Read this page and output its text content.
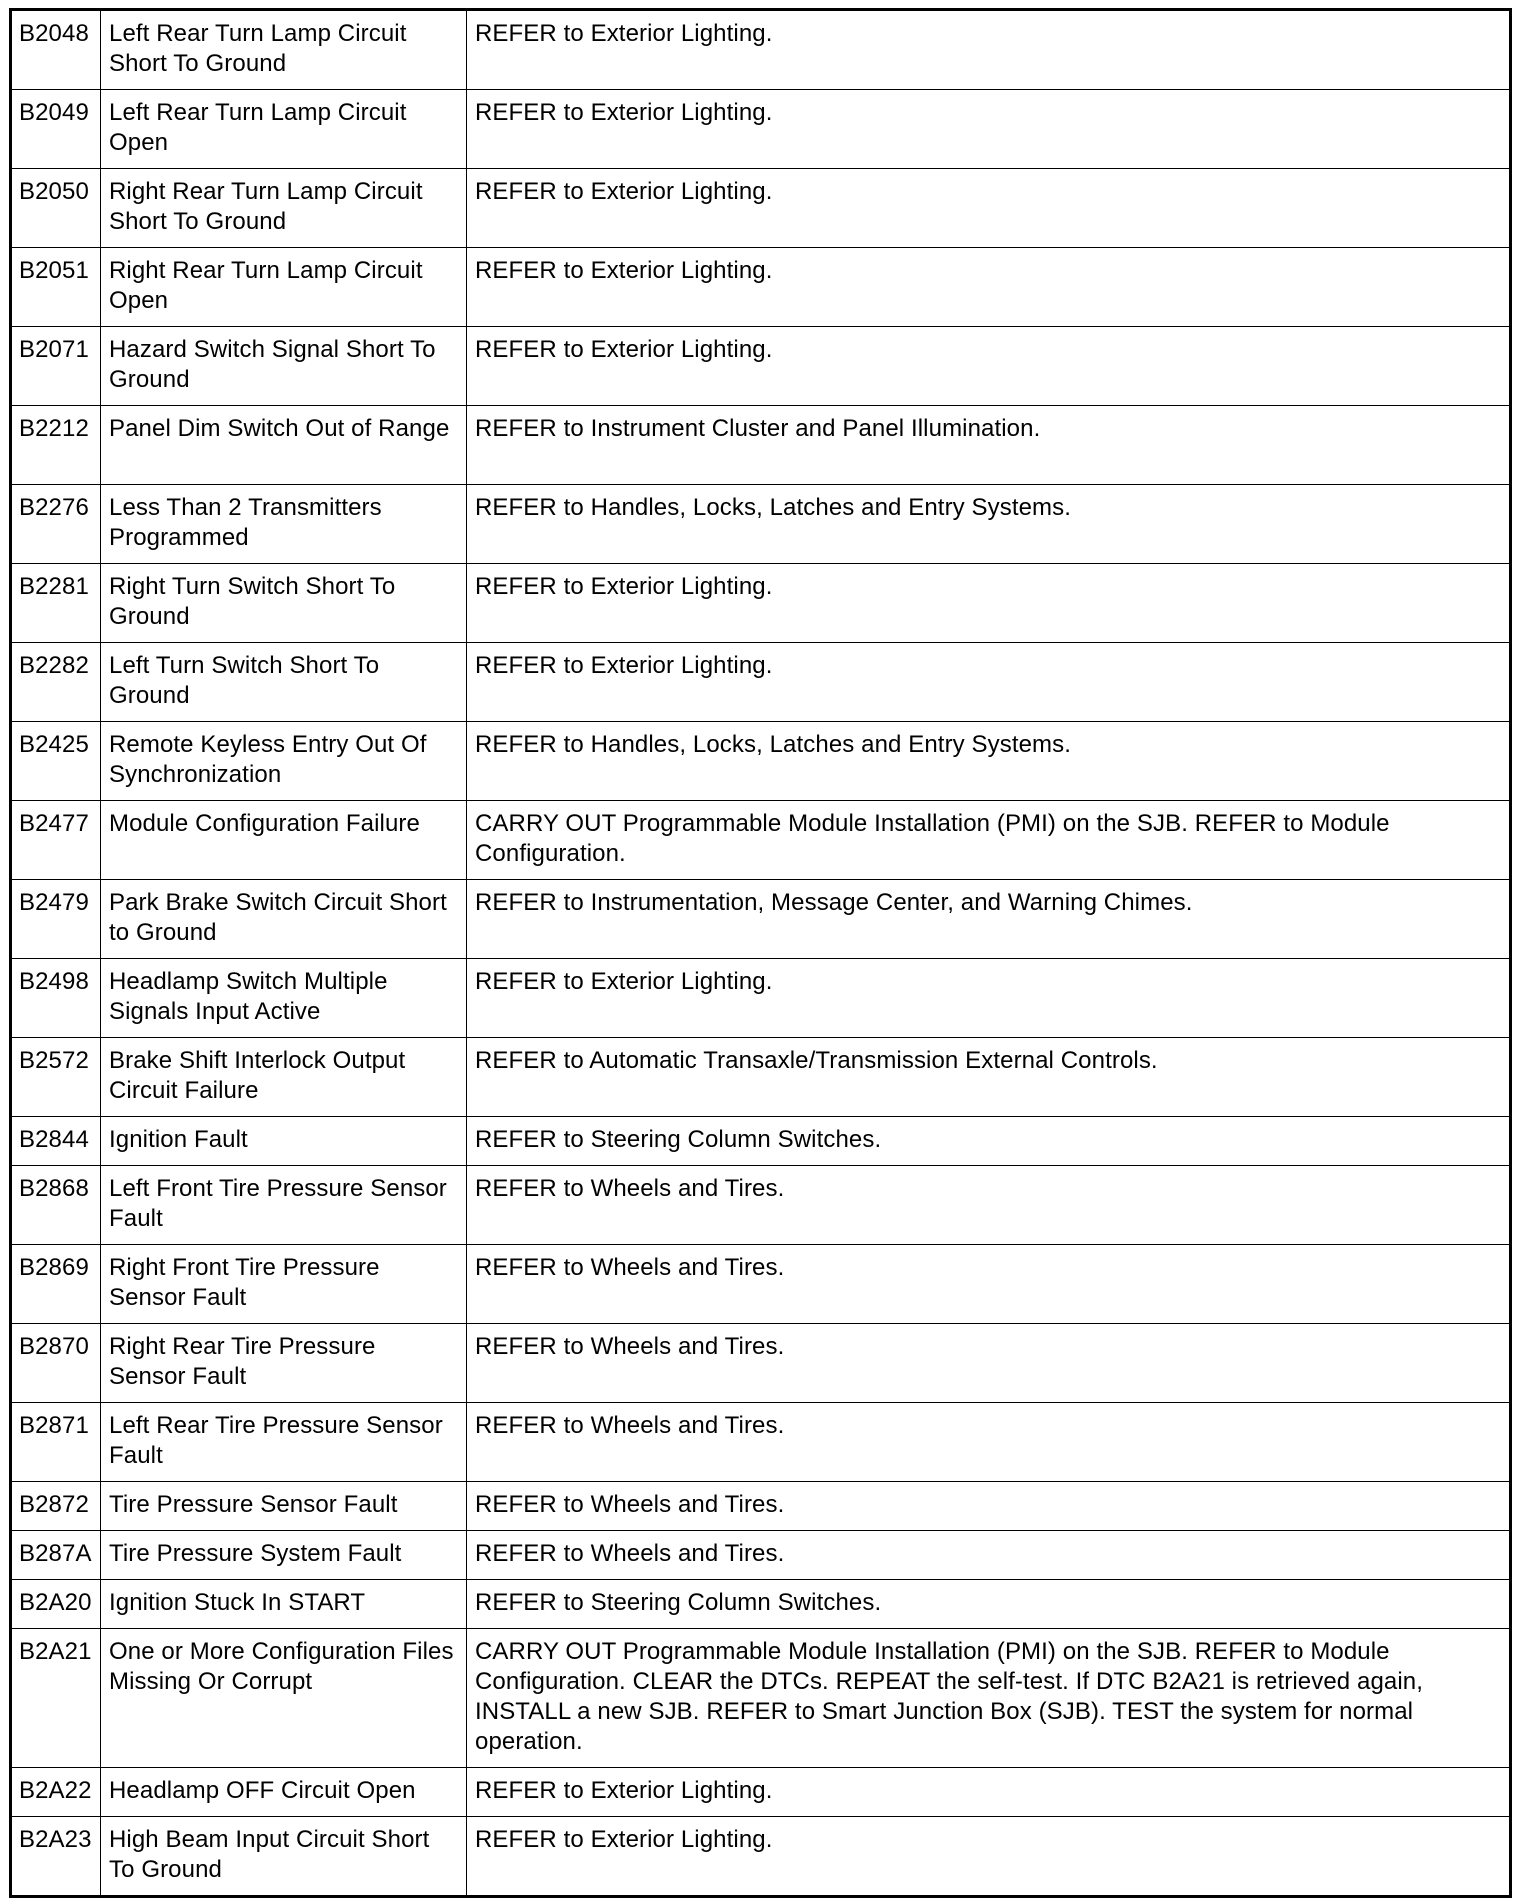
B2048	Left Rear Turn Lamp Circuit Short To Ground	REFER to Exterior Lighting.
B2049	Left Rear Turn Lamp Circuit Open	REFER to Exterior Lighting.
B2050	Right Rear Turn Lamp Circuit Short To Ground	REFER to Exterior Lighting.
B2051	Right Rear Turn Lamp Circuit Open	REFER to Exterior Lighting.
B2071	Hazard Switch Signal Short To Ground	REFER to Exterior Lighting.
B2212	Panel Dim Switch Out of Range	REFER to Instrument Cluster and Panel Illumination.
B2276	Less Than 2 Transmitters Programmed	REFER to Handles, Locks, Latches and Entry Systems.
B2281	Right Turn Switch Short To Ground	REFER to Exterior Lighting.
B2282	Left Turn Switch Short To Ground	REFER to Exterior Lighting.
B2425	Remote Keyless Entry Out Of Synchronization	REFER to Handles, Locks, Latches and Entry Systems.
B2477	Module Configuration Failure	CARRY OUT Programmable Module Installation (PMI) on the SJB. REFER to Module Configuration.
B2479	Park Brake Switch Circuit Short to Ground	REFER to Instrumentation, Message Center, and Warning Chimes.
B2498	Headlamp Switch Multiple Signals Input Active	REFER to Exterior Lighting.
B2572	Brake Shift Interlock Output Circuit Failure	REFER to Automatic Transaxle/Transmission External Controls.
B2844	Ignition Fault	REFER to Steering Column Switches.
B2868	Left Front Tire Pressure Sensor Fault	REFER to Wheels and Tires.
B2869	Right Front Tire Pressure Sensor Fault	REFER to Wheels and Tires.
B2870	Right Rear Tire Pressure Sensor Fault	REFER to Wheels and Tires.
B2871	Left Rear Tire Pressure Sensor Fault	REFER to Wheels and Tires.
B2872	Tire Pressure Sensor Fault	REFER to Wheels and Tires.
B287A	Tire Pressure System Fault	REFER to Wheels and Tires.
B2A20	Ignition Stuck In START	REFER to Steering Column Switches.
B2A21	One or More Configuration Files Missing Or Corrupt	CARRY OUT Programmable Module Installation (PMI) on the SJB. REFER to Module Configuration. CLEAR the DTCs. REPEAT the self-test. If DTC B2A21 is retrieved again, INSTALL a new SJB. REFER to Smart Junction Box (SJB). TEST the system for normal operation.
B2A22	Headlamp OFF Circuit Open	REFER to Exterior Lighting.
B2A23	High Beam Input Circuit Short To Ground	REFER to Exterior Lighting.
